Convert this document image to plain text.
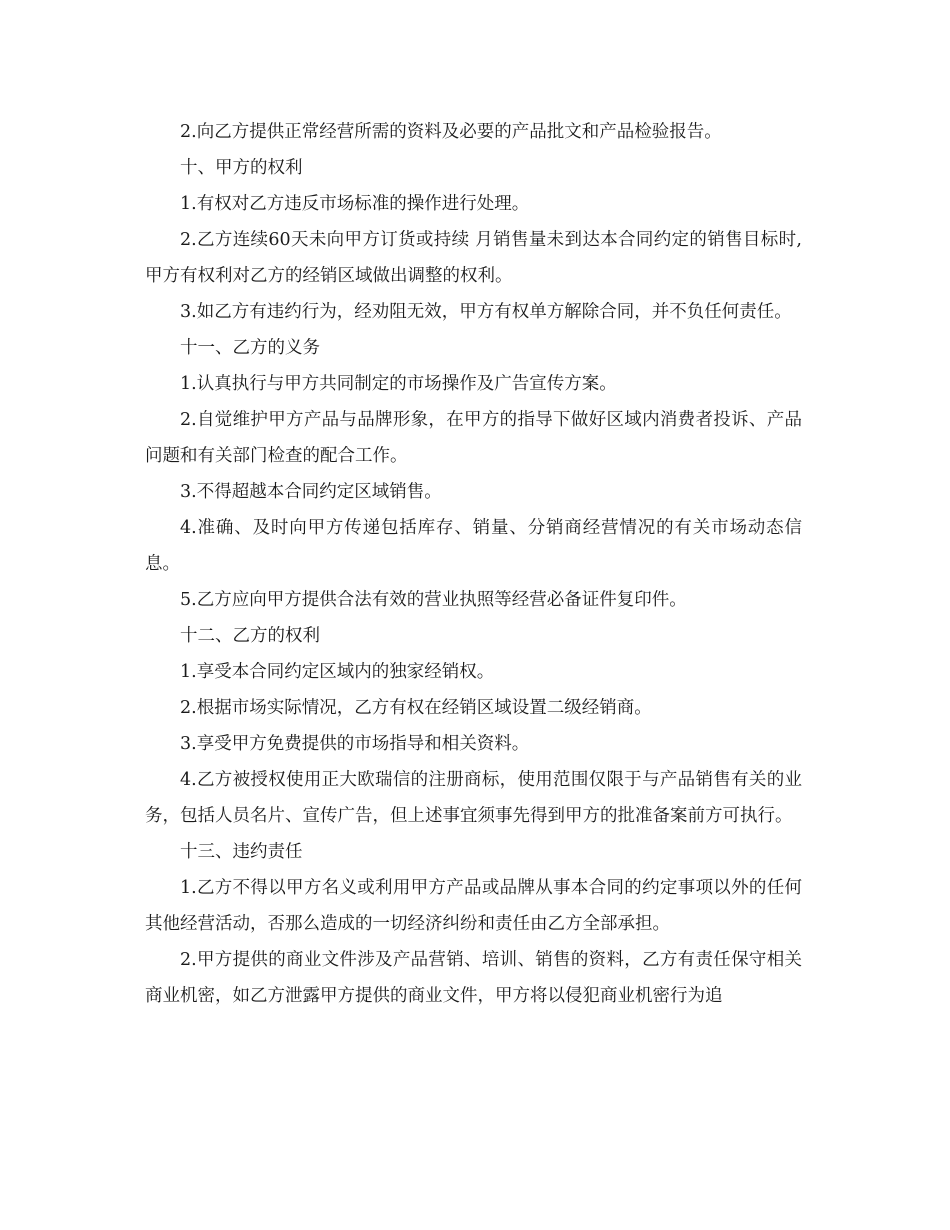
2.向乙方提供正常经营所需的资料及必要的产品批文和产品检验报告。

十、甲方的权利

1.有权对乙方违反市场标准的操作进行处理。

2.乙方连续60天未向甲方订货或持续 月销售量未到达本合同约定的销售目标时,甲方有权利对乙方的经销区域做出调整的权利。

3.如乙方有违约行为，经劝阻无效，甲方有权单方解除合同，并不负任何责任。

十一、乙方的义务

1.认真执行与甲方共同制定的市场操作及广告宣传方案。

2.自觉维护甲方产品与品牌形象，在甲方的指导下做好区域内消费者投诉、产品问题和有关部门检查的配合工作。

3.不得超越本合同约定区域销售。

4.准确、及时向甲方传递包括库存、销量、分销商经营情况的有关市场动态信息。

5.乙方应向甲方提供合法有效的营业执照等经营必备证件复印件。

十二、乙方的权利

1.享受本合同约定区域内的独家经销权。

2.根据市场实际情况，乙方有权在经销区域设置二级经销商。

3.享受甲方免费提供的市场指导和相关资料。

4.乙方被授权使用正大欧瑞信的注册商标，使用范围仅限于与产品销售有关的业务，包括人员名片、宣传广告，但上述事宜须事先得到甲方的批准备案前方可执行。

十三、违约责任

1.乙方不得以甲方名义或利用甲方产品或品牌从事本合同的约定事项以外的任何其他经营活动，否那么造成的一切经济纠纷和责任由乙方全部承担。

2.甲方提供的商业文件涉及产品营销、培训、销售的资料，乙方有责任保守相关商业机密，如乙方泄露甲方提供的商业文件，甲方将以侵犯商业机密行为追
